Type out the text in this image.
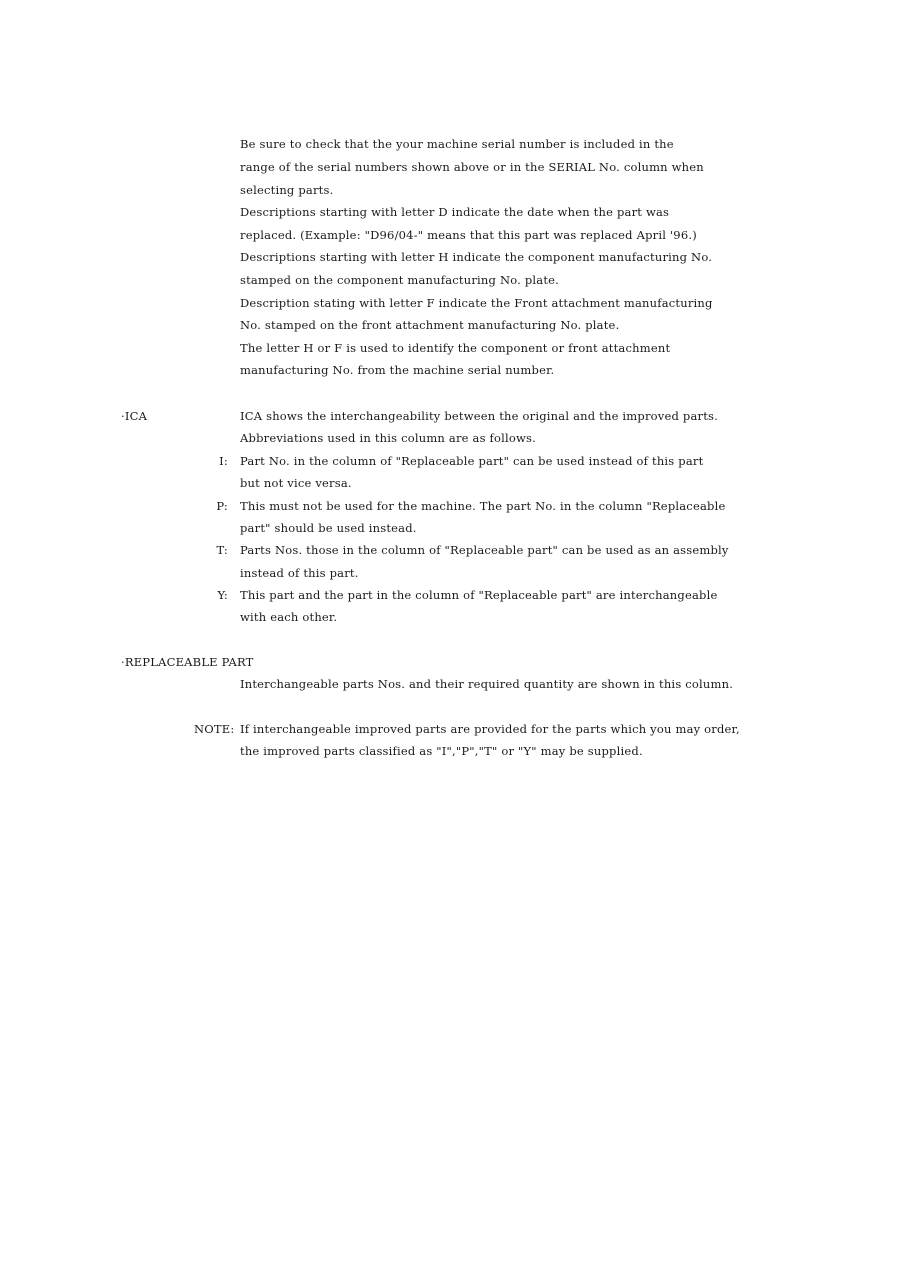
Be sure to check that the your machine serial number is included in the
range of the serial numbers shown above or in the SERIAL No. column when
selecting parts.
Descriptions starting with letter D indicate the date when the part was
replaced. (Example: "D96/04-" means that this part was replaced April '96.)
Descriptions starting with letter H indicate the component manufacturing No.
stamped on the component manufacturing No. plate.
Description stating with letter F indicate the Front attachment manufacturing
No. stamped on the front attachment manufacturing No. plate.
The letter H or F is used to identify the component or front attachment
manufacturing No. from the machine serial number.
·ICA	ICA shows the interchangeability between the original and the improved parts.
Abbreviations used in this column are as follows.
I: Part No. in the column of "Replaceable part" can be used instead of this part
but not vice versa.
P: This must not be used for the machine. The part No. in the column "Replaceable
part" should be used instead.
T: Parts Nos. those in the column of "Replaceable part" can be used as an assembly
instead of this part.
Y: This part and the part in the column of "Replaceable part" are interchangeable
with each other.
·REPLACEABLE PART
Interchangeable parts Nos. and their required quantity are shown in this column.
NOTE: If interchangeable improved parts are provided for the parts which you may order,
the improved parts classified as "I","P","T" or "Y" may be supplied.
